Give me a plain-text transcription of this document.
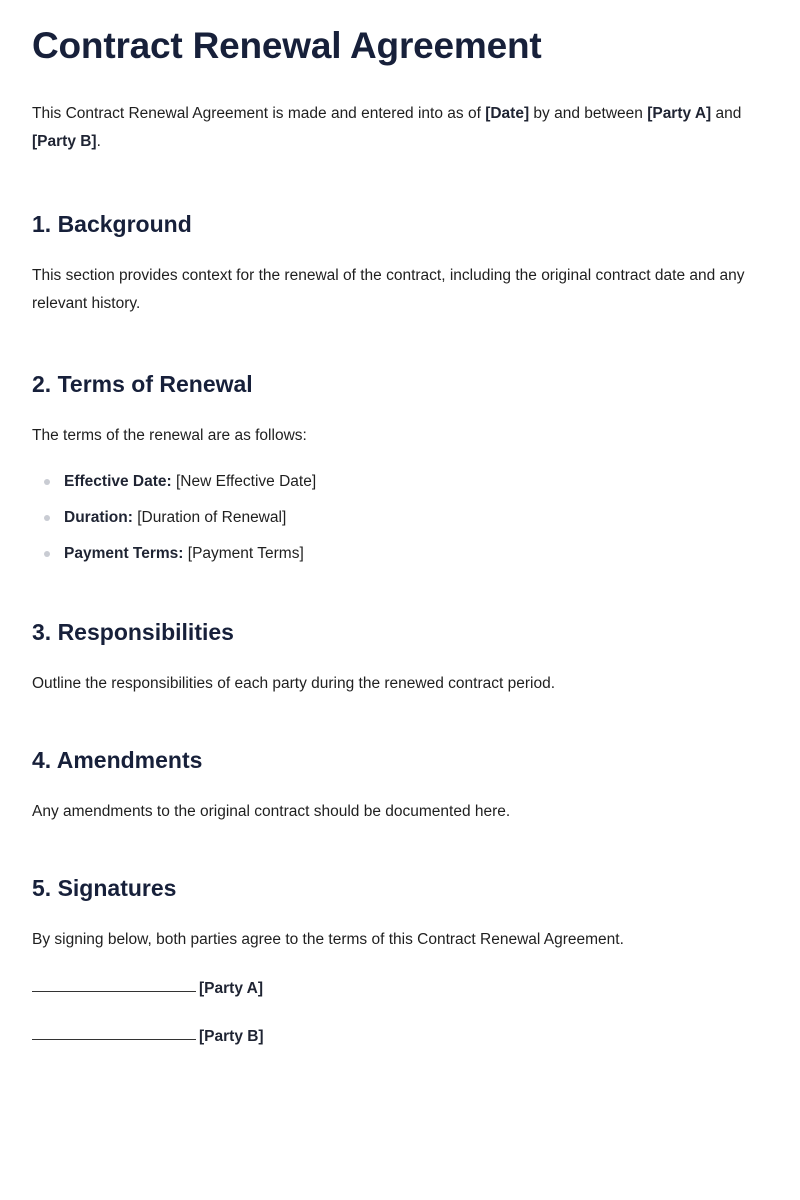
Contract Renewal Agreement

This Contract Renewal Agreement is made and entered into as of [Date] by and between [Party A] and [Party B].

1. Background

This section provides context for the renewal of the contract, including the original contract date and any relevant history.

2. Terms of Renewal

The terms of the renewal are as follows:

Effective Date: [New Effective Date]
Duration: [Duration of Renewal]
Payment Terms: [Payment Terms]
3. Responsibilities

Outline the responsibilities of each party during the renewed contract period.

4. Amendments

Any amendments to the original contract should be documented here.

5. Signatures

By signing below, both parties agree to the terms of this Contract Renewal Agreement.

[Party A]
[Party B]
